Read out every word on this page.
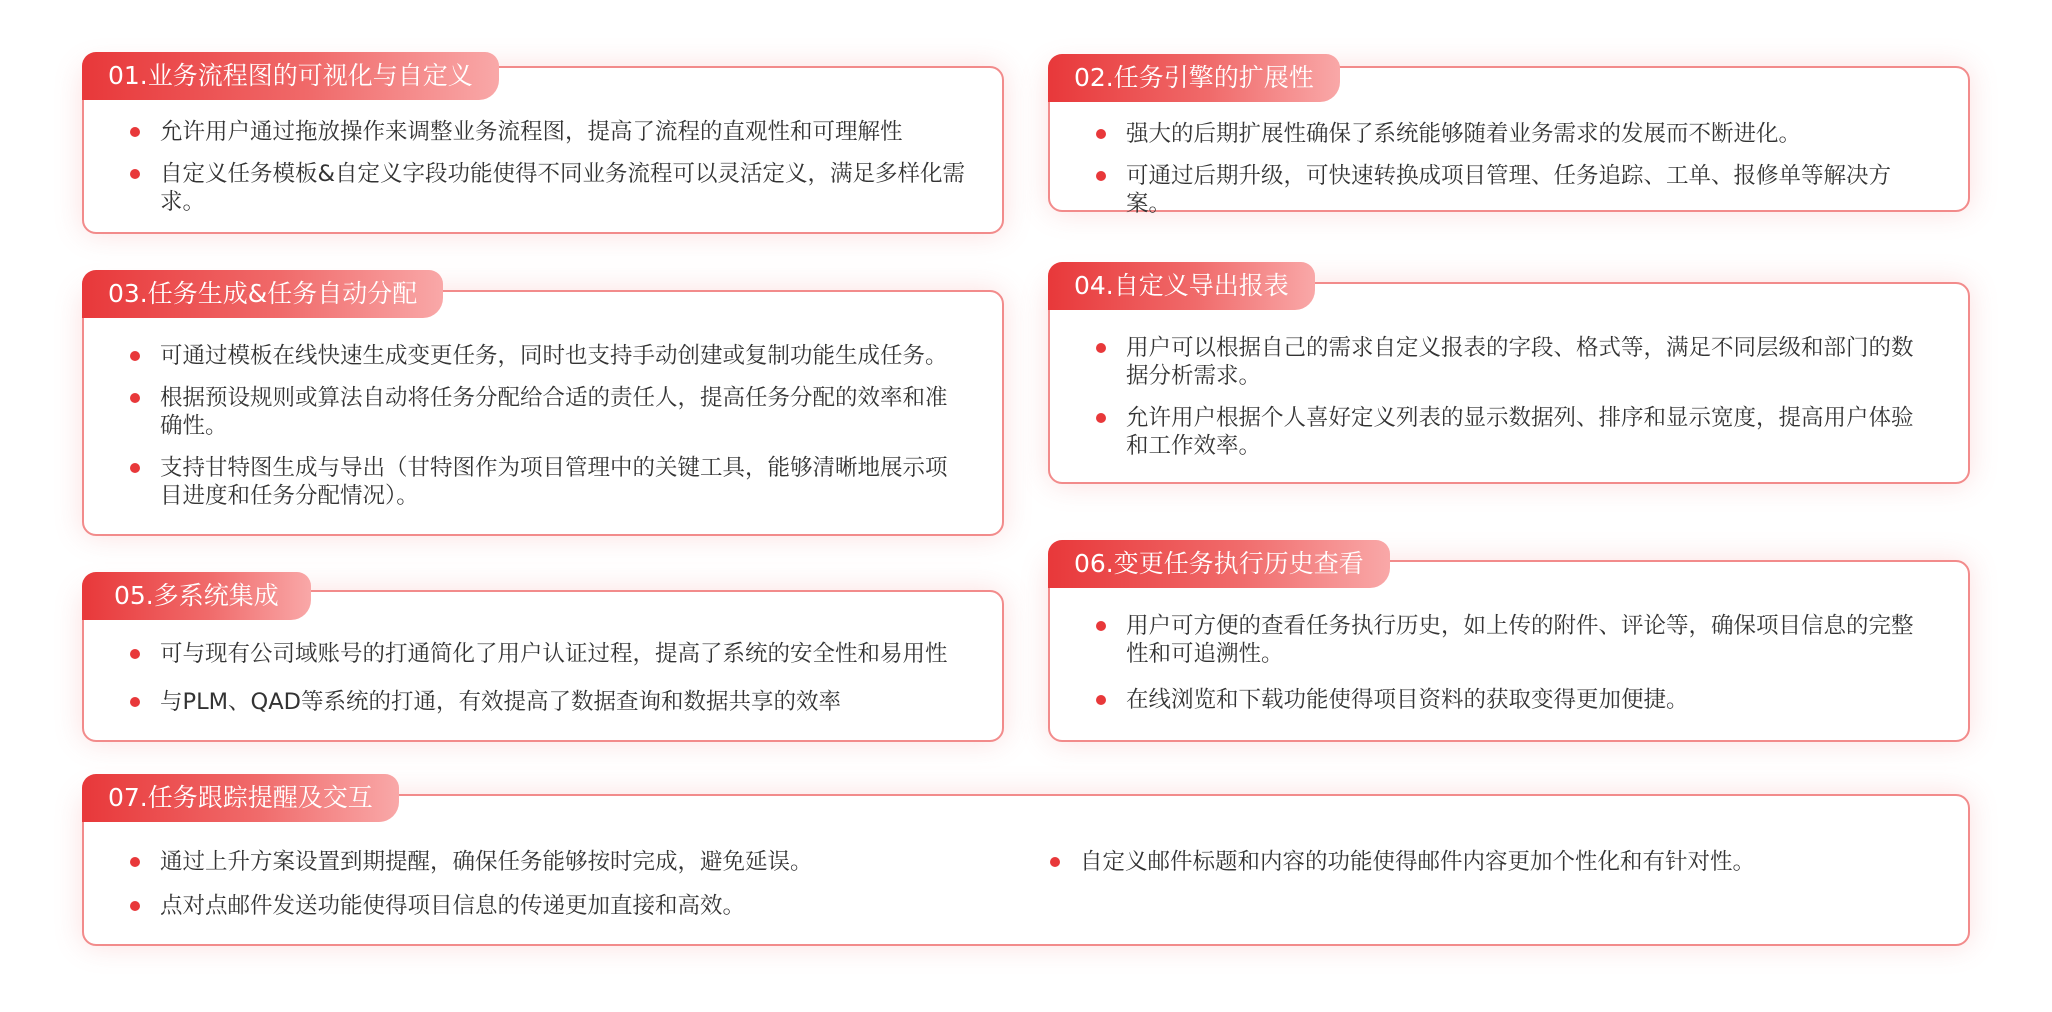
01.业务流程图的可视化与自定义
允许用户通过拖放操作来调整业务流程图，提高了流程的直观性和可理解性
自定义任务模板&自定义字段功能使得不同业务流程可以灵活定义，满足多样化需求。
02.任务引擎的扩展性
强大的后期扩展性确保了系统能够随着业务需求的发展而不断进化。
可通过后期升级，可快速转换成项目管理、任务追踪、工单、报修单等解决方案。
03.任务生成&任务自动分配
可通过模板在线快速生成变更任务，同时也支持手动创建或复制功能生成任务。
根据预设规则或算法自动将任务分配给合适的责任人，提高任务分配的效率和准确性。
支持甘特图生成与导出（甘特图作为项目管理中的关键工具，能够清晰地展示项目进度和任务分配情况）。
04.自定义导出报表
用户可以根据自己的需求自定义报表的字段、格式等，满足不同层级和部门的数据分析需求。
允许用户根据个人喜好定义列表的显示数据列、排序和显示宽度，提高用户体验和工作效率。
05.多系统集成
可与现有公司域账号的打通简化了用户认证过程，提高了系统的安全性和易用性
与PLM、QAD等系统的打通，有效提高了数据查询和数据共享的效率
06.变更任务执行历史查看
用户可方便的查看任务执行历史，如上传的附件、评论等，确保项目信息的完整性和可追溯性。
在线浏览和下载功能使得项目资料的获取变得更加便捷。
07.任务跟踪提醒及交互
通过上升方案设置到期提醒，确保任务能够按时完成，避免延误。
点对点邮件发送功能使得项目信息的传递更加直接和高效。
自定义邮件标题和内容的功能使得邮件内容更加个性化和有针对性。
